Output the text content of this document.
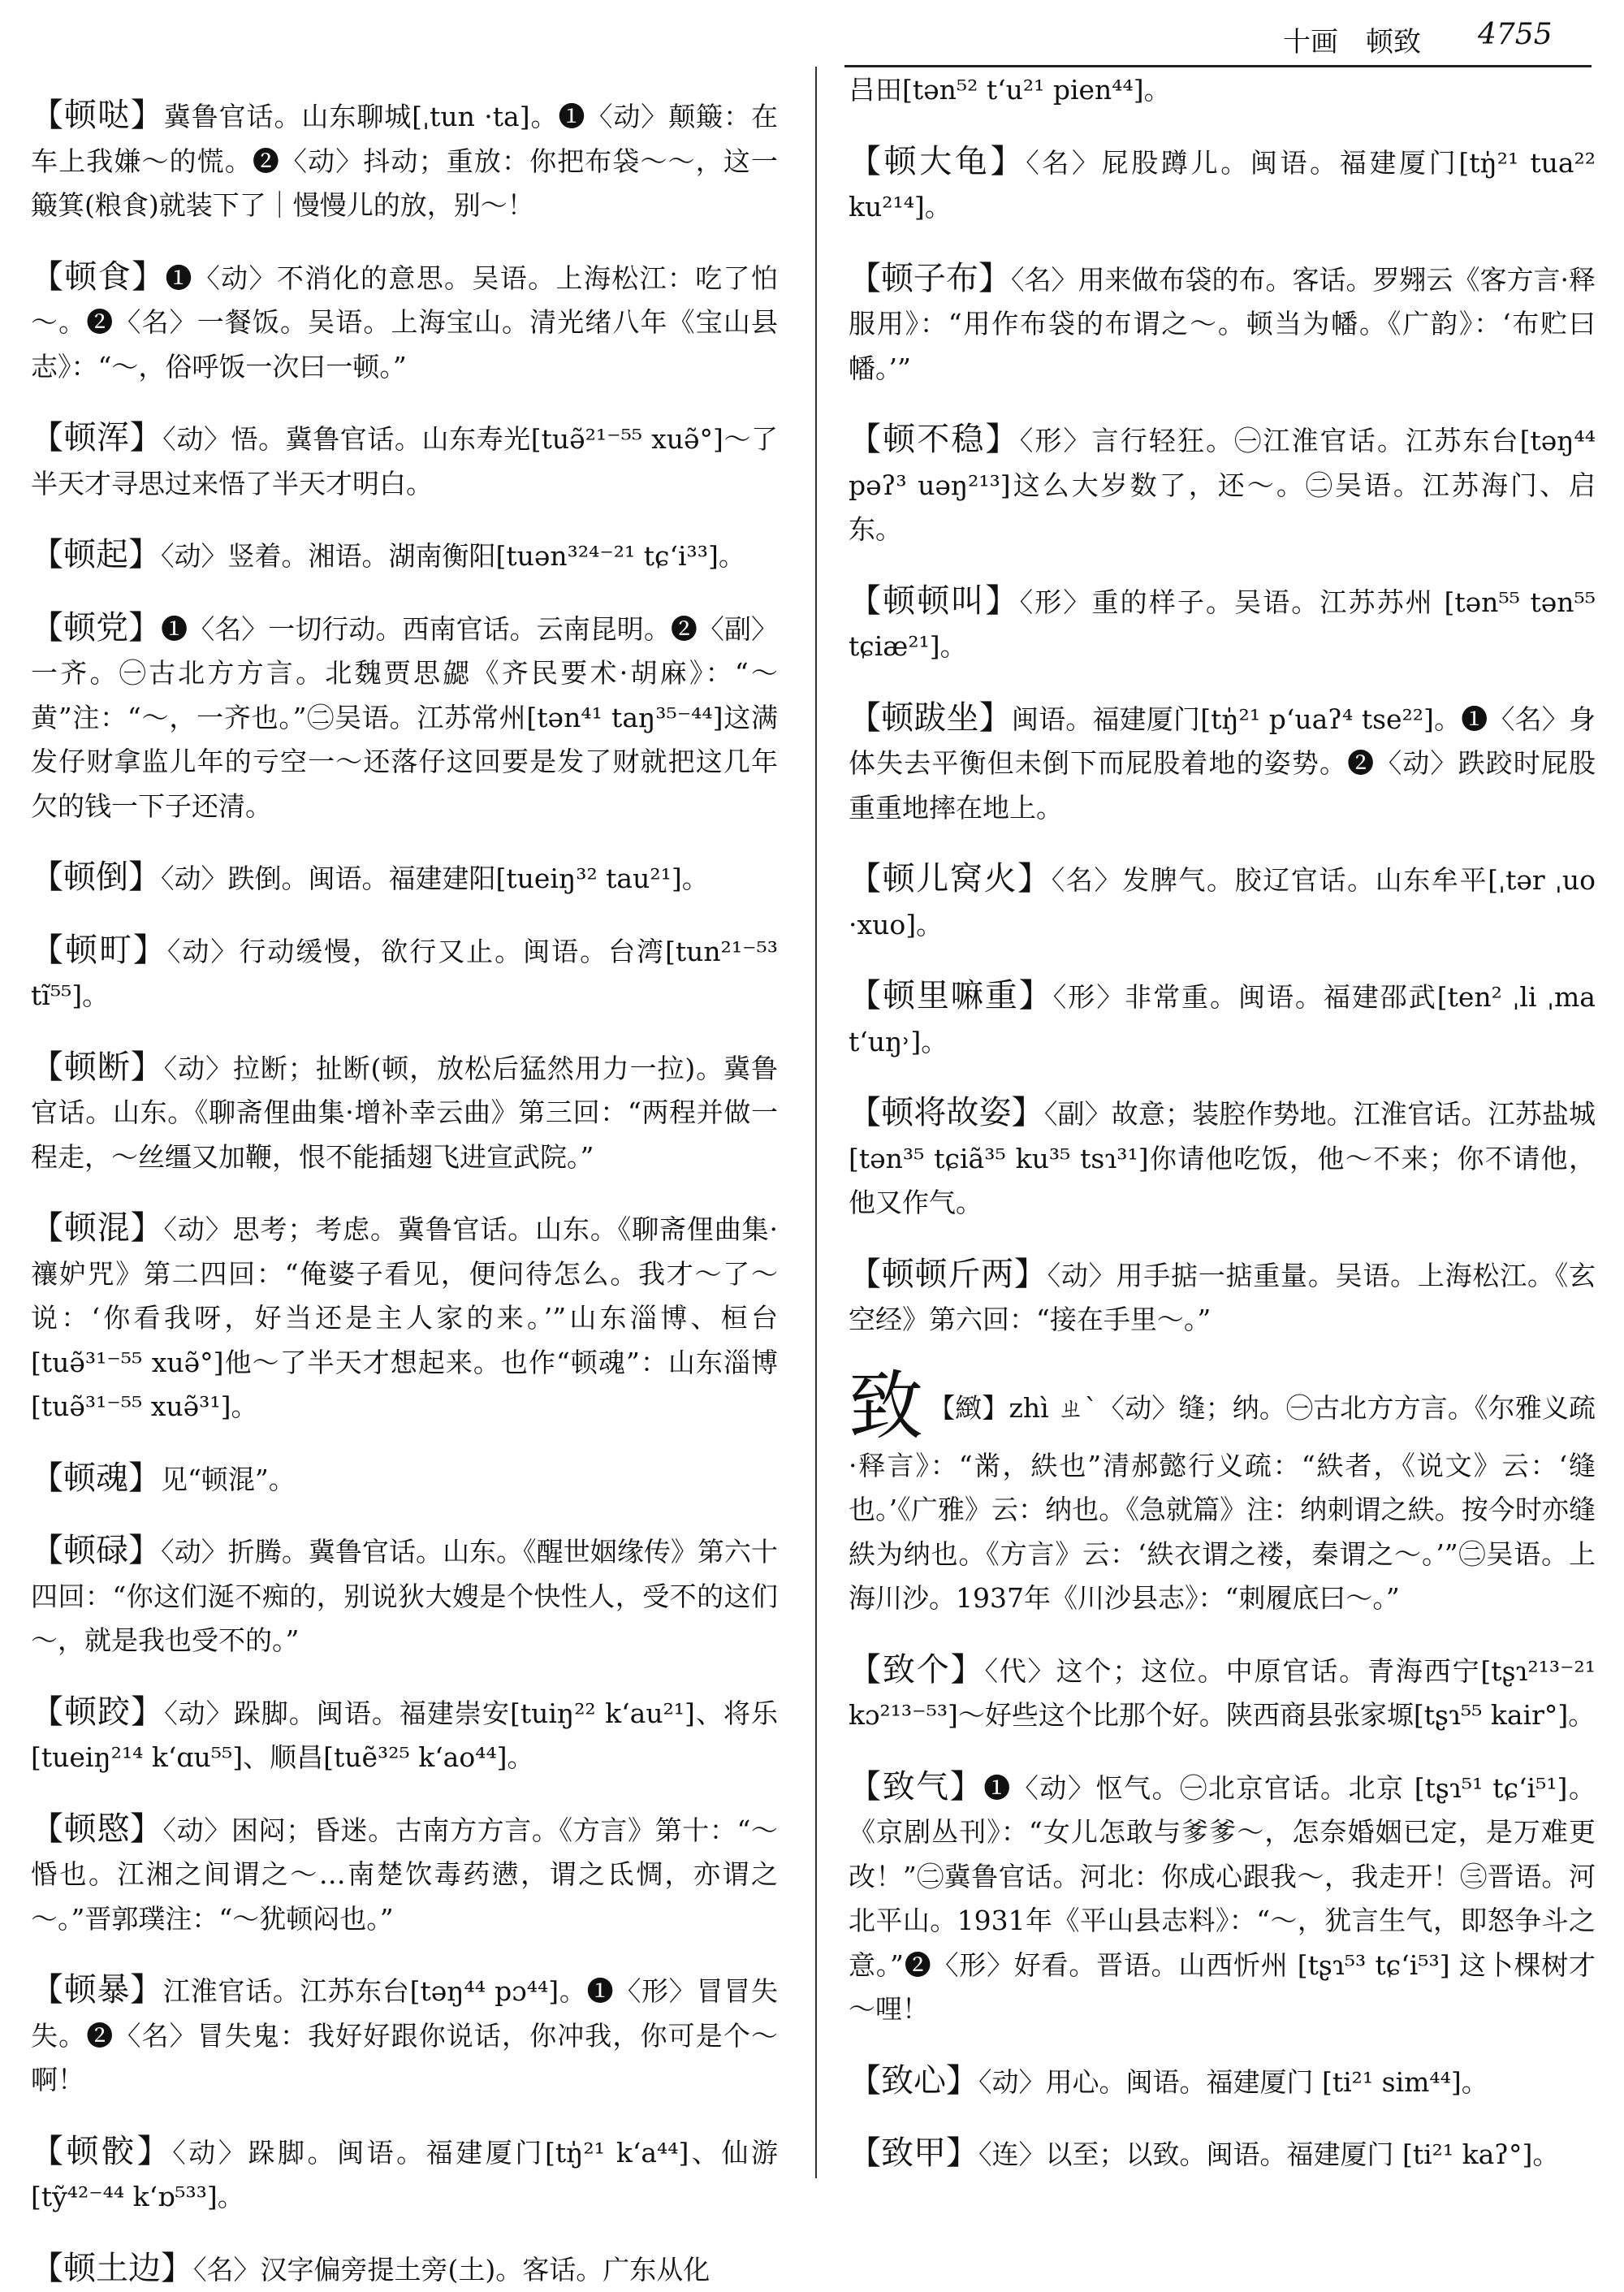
十画　顿致 4755

【顿哒】冀鲁官话。山东聊城[ˌtun ·ta]。❶〈动〉颠簸：在车上我嫌～的慌。❷〈动〉抖动；重放：你把布袋～～，这一簸箕(粮食)就装下了｜慢慢儿的放，别～！

【顿食】❶〈动〉不消化的意思。吴语。上海松江：吃了怕～。❷〈名〉一餐饭。吴语。上海宝山。清光绪八年《宝山县志》：“～，俗呼饭一次曰一顿。”

【顿浑】〈动〉悟。冀鲁官话。山东寿光[tuə̃²¹⁻⁵⁵ xuə̃°]～了半天才寻思过来悟了半天才明白。

【顿起】〈动〉竖着。湘语。湖南衡阳[tuən³²⁴⁻²¹ tɕʻi³³]。

【顿党】❶〈名〉一切行动。西南官话。云南昆明。❷〈副〉一齐。㊀古北方方言。北魏贾思勰《齐民要术·胡麻》：“～黄”注：“～，一齐也。”㊁吴语。江苏常州[tən⁴¹ taŋ³⁵⁻⁴⁴]这满发仔财拿监儿年的亏空一～还落仔这回要是发了财就把这几年欠的钱一下子还清。

【顿倒】〈动〉跌倒。闽语。福建建阳[tueiŋ³² tau²¹]。

【顿町】〈动〉行动缓慢，欲行又止。闽语。台湾[tun²¹⁻⁵³ tĩ⁵⁵]。

【顿断】〈动〉拉断；扯断(顿，放松后猛然用力一拉)。冀鲁官话。山东。《聊斋俚曲集·增补幸云曲》第三回：“两程并做一程走，～丝缰又加鞭，恨不能插翅飞进宣武院。”

【顿混】〈动〉思考；考虑。冀鲁官话。山东。《聊斋俚曲集·禳妒咒》第二四回：“俺婆子看见，便问待怎么。我才～了～说：‘你看我呀，好当还是主人家的来。’”山东淄博、桓台[tuə̃³¹⁻⁵⁵ xuə̃°]他～了半天才想起来。也作“顿魂”：山东淄博[tuə̃³¹⁻⁵⁵ xuə̃³¹]。

【顿魂】见“顿混”。

【顿碌】〈动〉折腾。冀鲁官话。山东。《醒世姻缘传》第六十四回：“你这们涎不痴的，别说狄大嫂是个快性人，受不的这们～，就是我也受不的。”

【顿跤】〈动〉跺脚。闽语。福建崇安[tuiŋ²² kʻau²¹]、将乐[tueiŋ²¹⁴ kʻɑu⁵⁵]、顺昌[tuẽ³²⁵ kʻao⁴⁴]。

【顿愍】〈动〉困闷；昏迷。古南方方言。《方言》第十：“～惛也。江湘之间谓之～…南楚饮毒药懑，谓之氐惆，亦谓之～。”晋郭璞注：“～犹顿闷也。”

【顿暴】江淮官话。江苏东台[təŋ⁴⁴ pɔ⁴⁴]。❶〈形〉冒冒失失。❷〈名〉冒失鬼：我好好跟你说话，你冲我，你可是个～啊！

【顿骹】〈动〉跺脚。闽语。福建厦门[tŋ̍²¹ kʻa⁴⁴]、仙游[tỹ⁴²⁻⁴⁴ kʻɒ⁵³³]。

【顿土边】〈名〉汉字偏旁提土旁(土)。客话。广东从化

吕田[tən⁵² tʻu²¹ pien⁴⁴]。

【顿大龟】〈名〉屁股蹲儿。闽语。福建厦门[tŋ̍²¹ tua²² ku²¹⁴]。

【顿子布】〈名〉用来做布袋的布。客话。罗翙云《客方言·释服用》：“用作布袋的布谓之～。顿当为幡。《广韵》：‘布贮曰幡。’”

【顿不稳】〈形〉言行轻狂。㊀江淮官话。江苏东台[təŋ⁴⁴ pəʔ³ uəŋ²¹³]这么大岁数了，还～。㊁吴语。江苏海门、启东。

【顿顿叫】〈形〉重的样子。吴语。江苏苏州 [tən⁵⁵ tən⁵⁵ tɕiæ²¹]。

【顿跋坐】闽语。福建厦门[tŋ̍²¹ pʻuaʔ⁴ tse²²]。❶〈名〉身体失去平衡但未倒下而屁股着地的姿势。❷〈动〉跌跤时屁股重重地摔在地上。

【顿儿窝火】〈名〉发脾气。胶辽官话。山东牟平[ˌtər ˌuo ·xuo]。

【顿里嘛重】〈形〉非常重。闽语。福建邵武[ten² ˌli ˌma tʻuŋ˒]。

【顿将故姿】〈副〉故意；装腔作势地。江淮官话。江苏盐城[tən³⁵ tɕiã³⁵ ku³⁵ tsɿ³¹]你请他吃饭，他～不来；你不请他，他又作气。

【顿顿斤两】〈动〉用手掂一掂重量。吴语。上海松江。《玄空经》第六回：“接在手里～。”

致 【緻】zhì ㄓˋ〈动〉缝；纳。㊀古北方方言。《尔雅义疏·释言》：“黹，紩也”清郝懿行义疏：“紩者，《说文》云：‘缝也。’《广雅》云：纳也。《急就篇》注：纳刺谓之紩。按今时亦缝紩为纳也。《方言》云：‘紩衣谓之褛，秦谓之～。’”㊁吴语。上海川沙。1937年《川沙县志》：“刺履底曰～。”

【致个】〈代〉这个；这位。中原官话。青海西宁[tʂɿ²¹³⁻²¹ kɔ²¹³⁻⁵³]～好些这个比那个好。陕西商县张家塬[tʂɿ⁵⁵ kair°]。

【致气】❶〈动〉怄气。㊀北京官话。北京 [tʂɿ⁵¹ tɕʻi⁵¹]。《京剧丛刊》：“女儿怎敢与爹爹～，怎奈婚姻已定，是万难更改！”㊁冀鲁官话。河北：你成心跟我～，我走开！㊂晋语。河北平山。1931年《平山县志料》：“～，犹言生气，即怒争斗之意。”❷〈形〉好看。晋语。山西忻州 [tʂɿ⁵³ tɕʻi⁵³] 这卜棵树才～哩！

【致心】〈动〉用心。闽语。福建厦门 [ti²¹ sim⁴⁴]。

【致甲】〈连〉以至；以致。闽语。福建厦门 [ti²¹ kaʔ°]。
